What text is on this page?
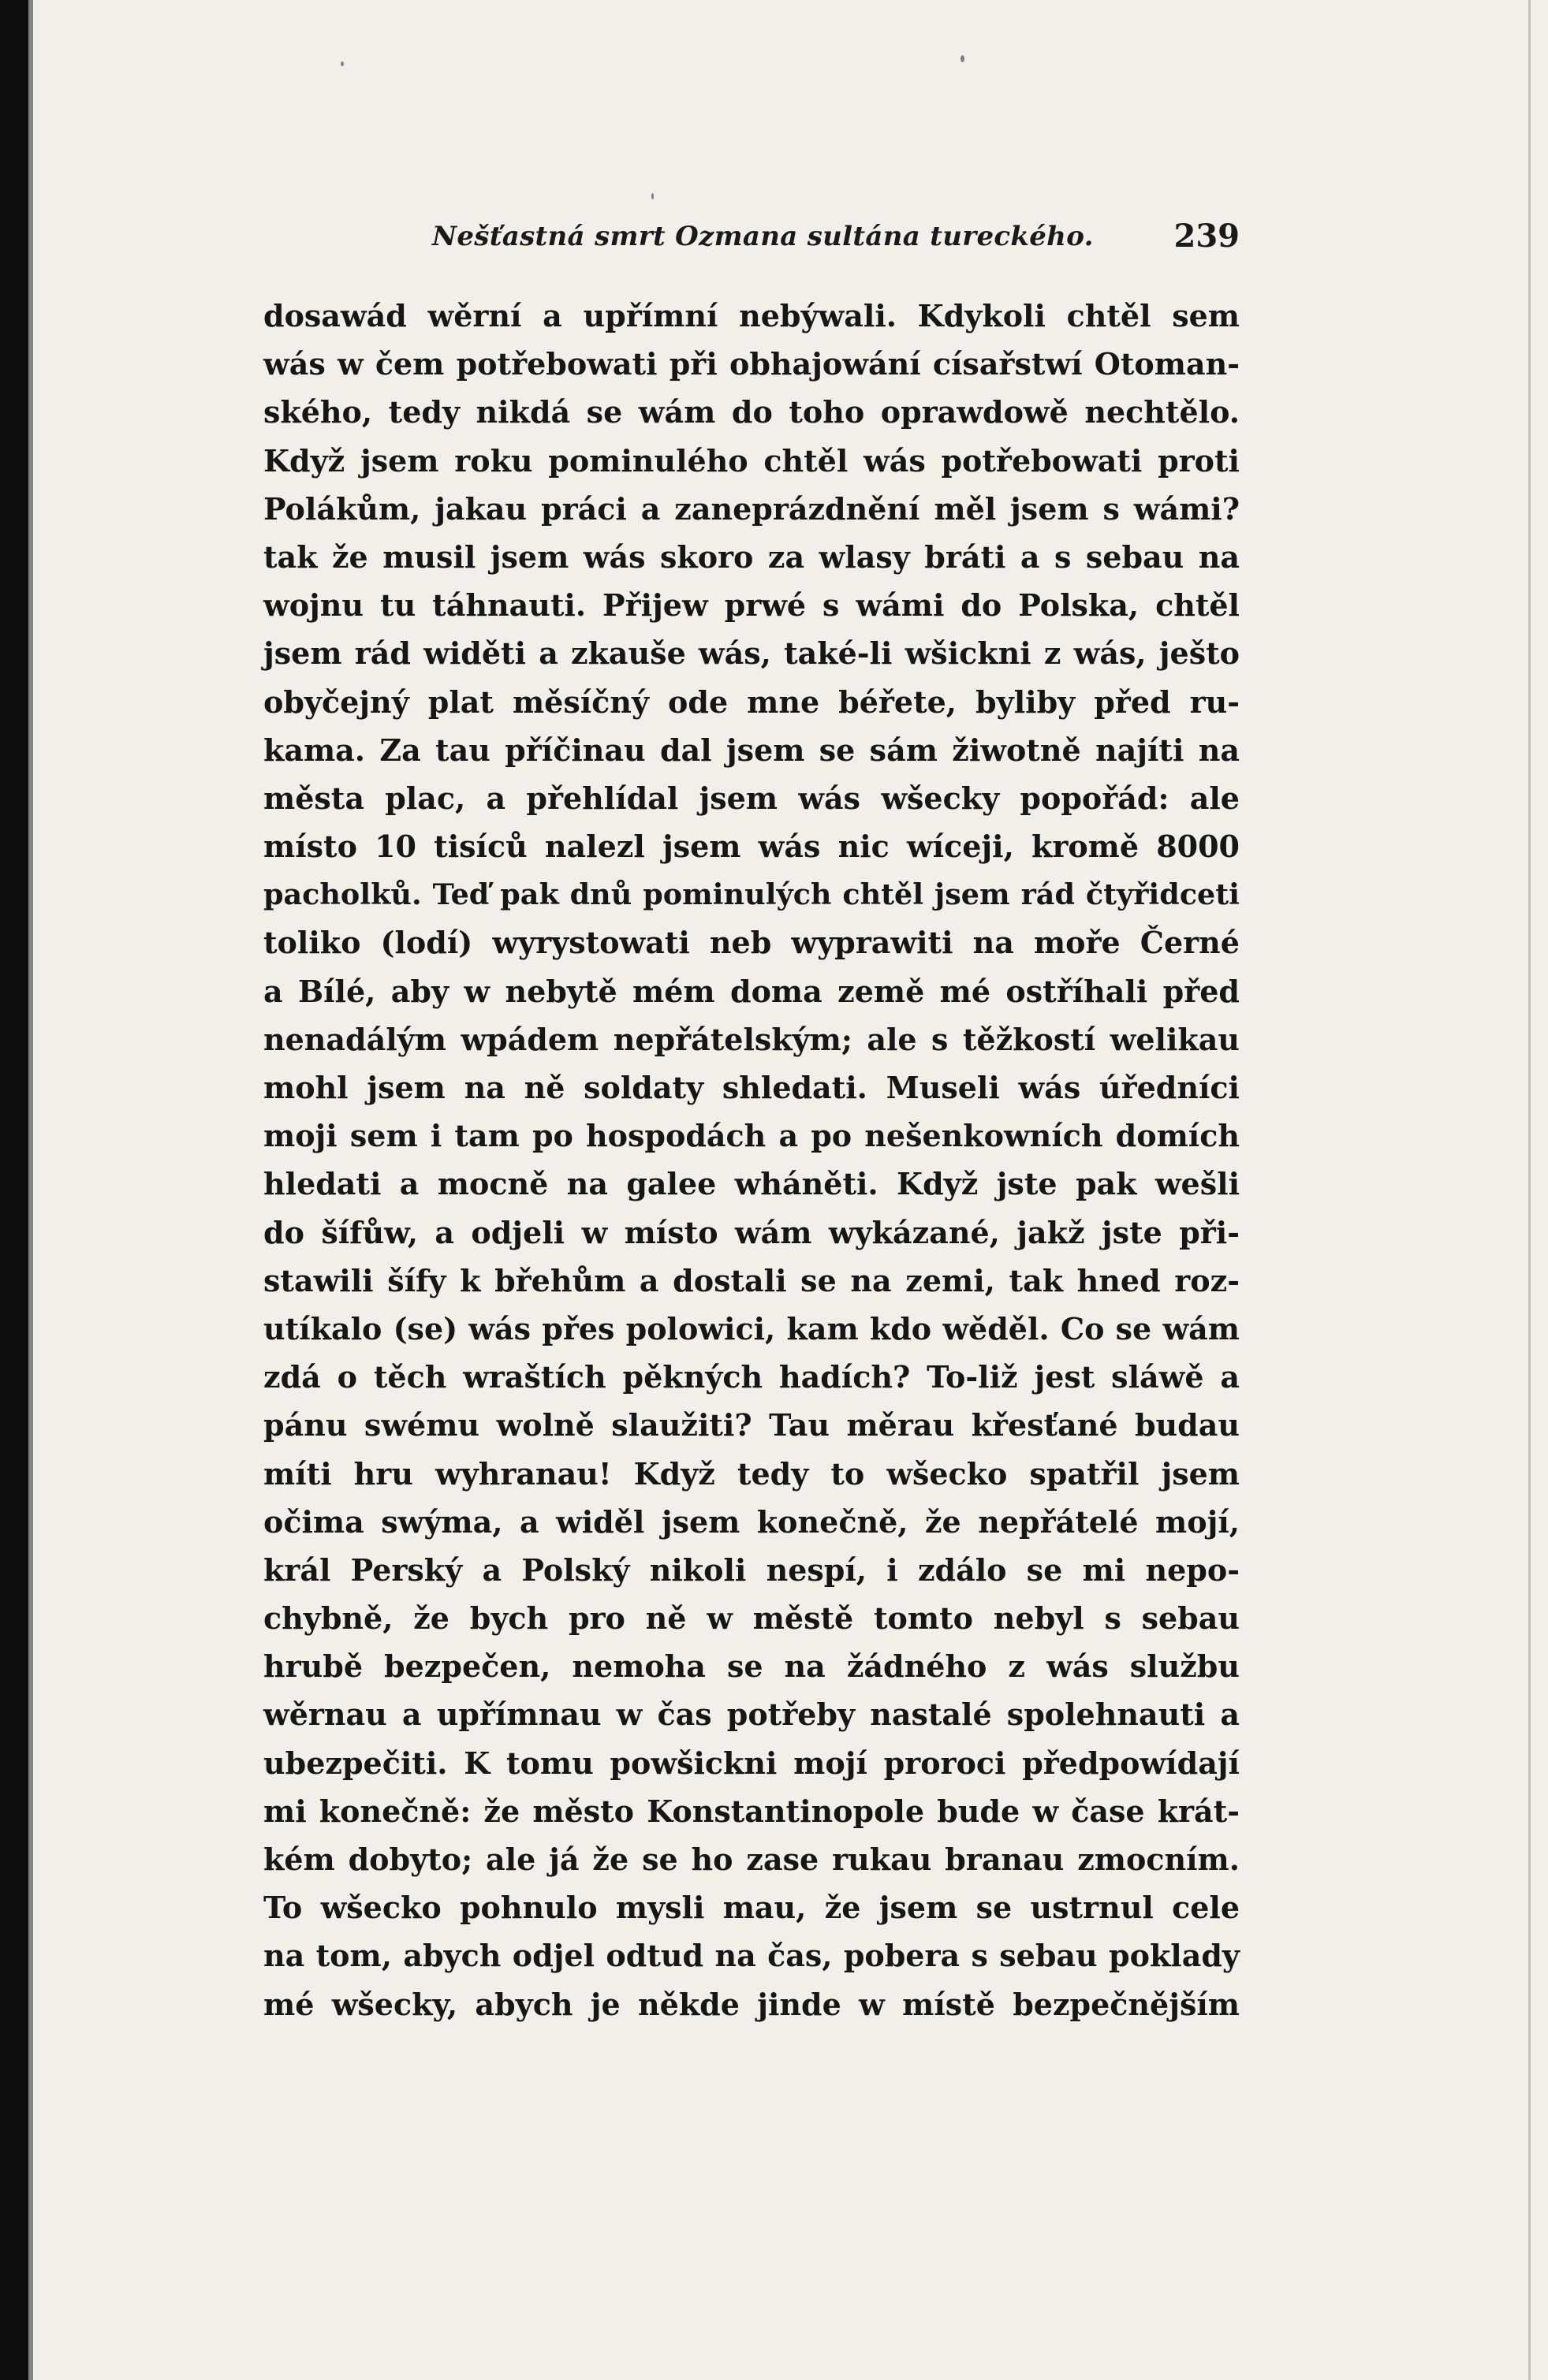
Nešťastná smrt Ozmana sultána tureckého.	239
dosawád wěrní a upřímní nebýwali. Kdykoli chtěl sem
wás w čem potřebowati při obhajowání císařstwí Otoman-
ského, tedy nikdá se wám do toho oprawdowě nechtělo.
Když jsem roku pominulého chtěl wás potřebowati proti
Polákům, jakau práci a zaneprázdnění měl jsem s wámi?
tak že musil jsem wás skoro za wlasy bráti a s sebau na
wojnu tu táhnauti. Přijew prwé s wámi do Polska, chtěl
jsem rád widěti a zkauše wás, také-li wšickni z wás, ješto
obyčejný plat měsíčný ode mne béřete, byliby před ru-
kama. Za tau příčinau dal jsem se sám žiwotně najíti na
města plac, a přehlídal jsem wás wšecky popořád: ale
místo 10 tisíců nalezl jsem wás nic wíceji, kromě 8000
pacholků. Teď pak dnů pominulých chtěl jsem rád čtyřidceti
toliko (lodí) wyrystowati neb wyprawiti na moře Černé
a Bílé, aby w nebytě mém doma země mé ostříhali před
nenadálým wpádem nepřátelským; ale s těžkostí welikau
mohl jsem na ně soldaty shledati. Museli wás úředníci
moji sem i tam po hospodách a po nešenkowních domích
hledati a mocně na galee wháněti. Když jste pak wešli
do šífůw, a odjeli w místo wám wykázané, jakž jste při-
stawili šífy k břehům a dostali se na zemi, tak hned roz-
utíkalo (se) wás přes polowici, kam kdo wěděl. Co se wám
zdá o těch wraštích pěkných hadích? To-liž jest sláwě a
pánu swému wolně slaužiti? Tau měrau křesťané budau
míti hru wyhranau! Když tedy to wšecko spatřil jsem
očima swýma, a widěl jsem konečně, že nepřátelé mojí,
král Perský a Polský nikoli nespí, i zdálo se mi nepo-
chybně, že bych pro ně w městě tomto nebyl s sebau
hrubě bezpečen, nemoha se na žádného z wás službu
wěrnau a upřímnau w čas potřeby nastalé spolehnauti a
ubezpečiti. K tomu powšickni mojí proroci předpowídají
mi konečně: že město Konstantinopole bude w čase krát-
kém dobyto; ale já že se ho zase rukau branau zmocním.
To wšecko pohnulo mysli mau, že jsem se ustrnul cele
na tom, abych odjel odtud na čas, pobera s sebau poklady
mé wšecky, abych je někde jinde w místě bezpečnějším
